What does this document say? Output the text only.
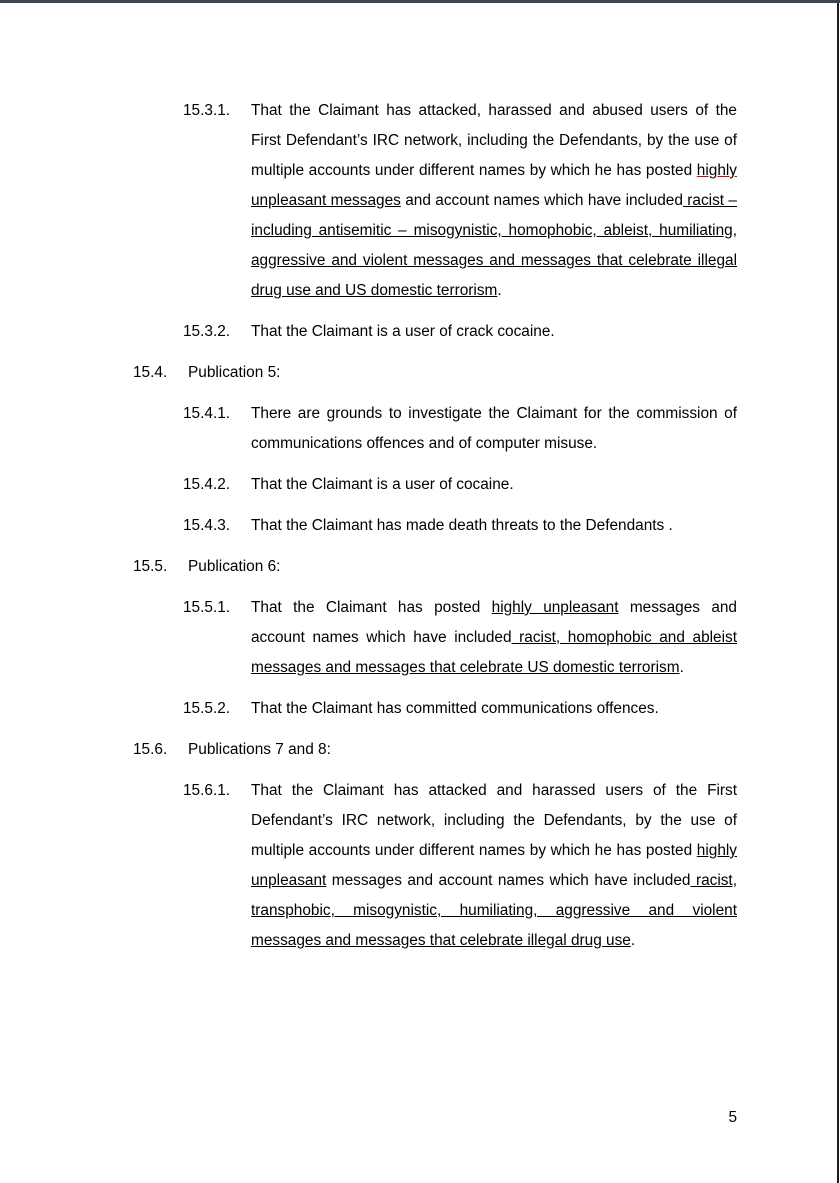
15.3.1.	That the Claimant has attacked, harassed and abused users of the First Defendant’s IRC network, including the Defendants, by the use of multiple accounts under different names by which he has posted highly unpleasant messages and account names which have included racist – including antisemitic – misogynistic, homophobic, ableist, humiliating, aggressive and violent messages and messages that celebrate illegal drug use and US domestic terrorism.
15.3.2.	That the Claimant is a user of crack cocaine.
15.4.	Publication 5:
15.4.1.	There are grounds to investigate the Claimant for the commission of communications offences and of computer misuse.
15.4.2.	That the Claimant is a user of cocaine.
15.4.3.	That the Claimant has made death threats to the Defendants .
15.5.	Publication 6:
15.5.1.	That the Claimant has posted highly unpleasant messages and account names which have included racist, homophobic and ableist messages and messages that celebrate US domestic terrorism.
15.5.2.	That the Claimant has committed communications offences.
15.6.	Publications 7 and 8:
15.6.1.	That the Claimant has attacked and harassed users of the First Defendant’s IRC network, including the Defendants, by the use of multiple accounts under different names by which he has posted highly unpleasant messages and account names which have included racist, transphobic, misogynistic, humiliating, aggressive and violent messages and messages that celebrate illegal drug use.
5
